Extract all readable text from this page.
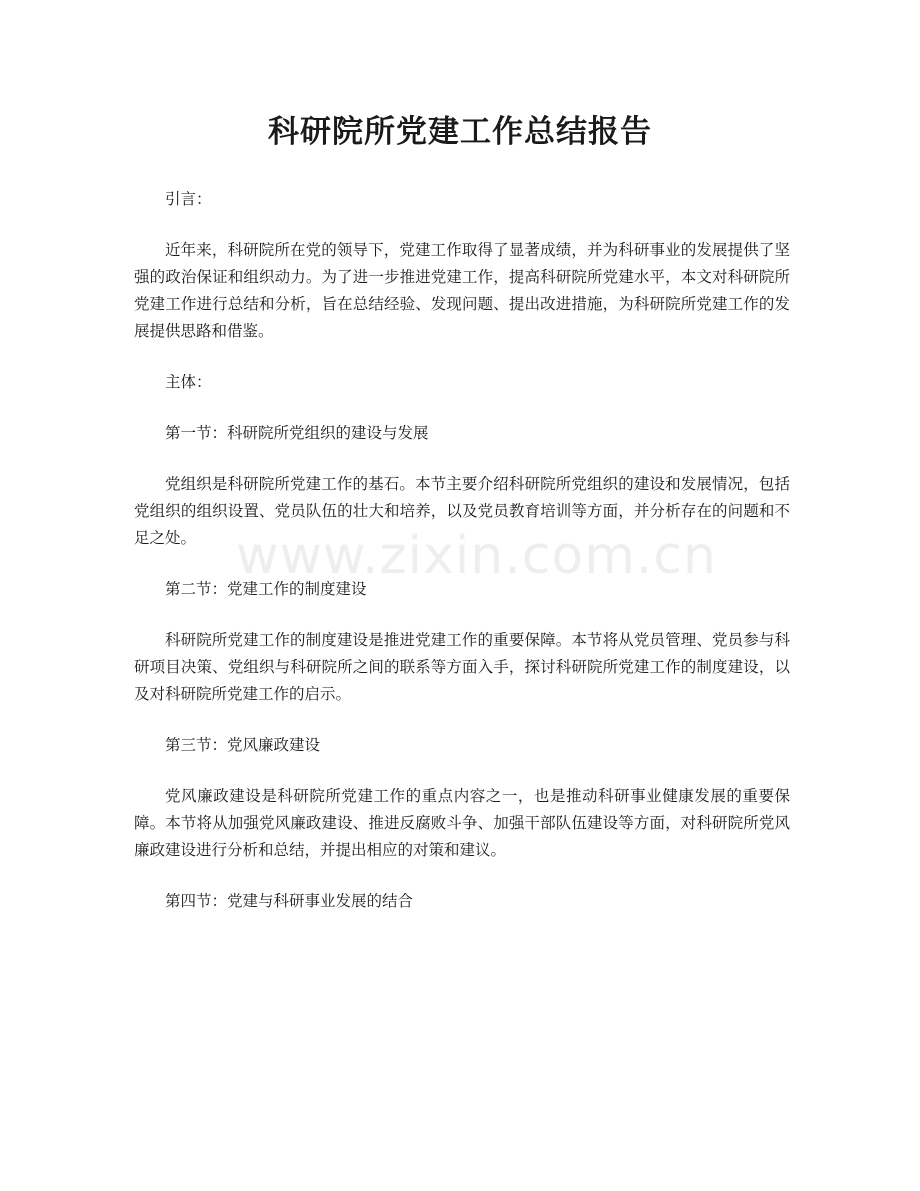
科研院所党建工作总结报告

引言：

近年来，科研院所在党的领导下，党建工作取得了显著成绩，并为科研事业的发展提供了坚强的政治保证和组织动力。为了进一步推进党建工作，提高科研院所党建水平，本文对科研院所党建工作进行总结和分析，旨在总结经验、发现问题、提出改进措施，为科研院所党建工作的发展提供思路和借鉴。

主体：

第一节：科研院所党组织的建设与发展

党组织是科研院所党建工作的基石。本节主要介绍科研院所党组织的建设和发展情况，包括党组织的组织设置、党员队伍的壮大和培养，以及党员教育培训等方面，并分析存在的问题和不足之处。

第二节：党建工作的制度建设

科研院所党建工作的制度建设是推进党建工作的重要保障。本节将从党员管理、党员参与科研项目决策、党组织与科研院所之间的联系等方面入手，探讨科研院所党建工作的制度建设，以及对科研院所党建工作的启示。

第三节：党风廉政建设

党风廉政建设是科研院所党建工作的重点内容之一，也是推动科研事业健康发展的重要保障。本节将从加强党风廉政建设、推进反腐败斗争、加强干部队伍建设等方面，对科研院所党风廉政建设进行分析和总结，并提出相应的对策和建议。

第四节：党建与科研事业发展的结合

www.zixin.com.cn
